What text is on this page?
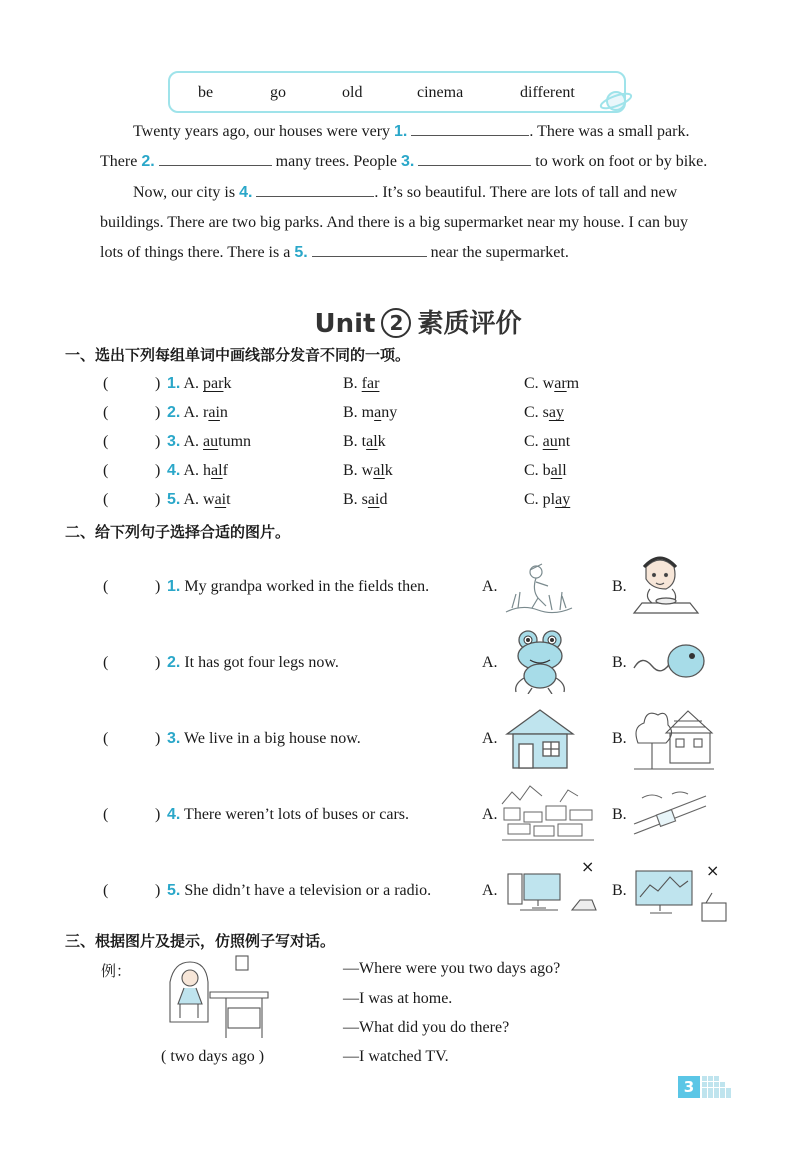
be	go	old	cinema	different
Twenty years ago, our houses were very 1.	. There was a small park.
There 2.	many trees. People 3.	to work on foot or by bike.
Now, our city is 4.	. It’s so beautiful. There are lots of tall and new
buildings. There are two big parks. And there is a big supermarket near my house. I can buy
lots of things there. There is a 5.	near the supermarket.
Unit 2 素质评价
一、选出下列每组单词中画线部分发音不同的一项。
(	) 1. A. park	B. far	C. warm
(	) 2. A. rain	B. many	C. say
(	) 3. A. autumn	B. talk	C. aunt
(	) 4. A. half	B. walk	C. ball
(	) 5. A. wait	B. said	C. play
二、给下列句子选择合适的图片。
(	) 1. My grandpa worked in the fields then.	A.	B.
(	) 2. It has got four legs now.	A.	B.
(	) 3. We live in a big house now.	A.	B.
(	) 4. There weren’t lots of buses or cars.	A.	B.
(	) 5. She didn’t have a television or a radio.	A.	B.
×	×
三、根据图片及提示，仿照例子写对话。
例：
( two days ago )
—Where were you two days ago?
—I was at home.
—What did you do there?
—I watched TV.
3
